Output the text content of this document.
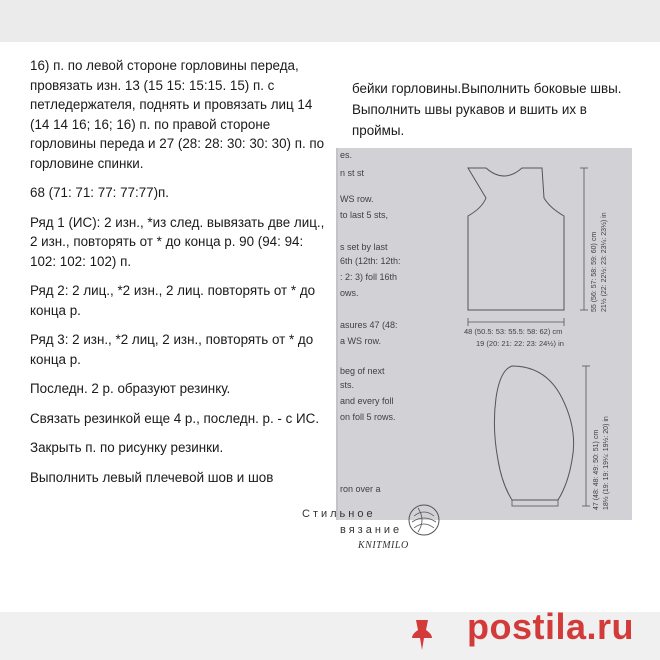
16) п. по левой стороне горловины переда, провязать изн. 13 (15 15: 15:15. 15) п. с петледержателя, поднять и провязать лиц 14 (14 14 16; 16; 16) п. по правой стороне горловины переда и 27 (28: 28: 30: 30: 30) п. по горловине спинки.

68 (71: 71: 77: 77:77)п.

Ряд 1 (ИС): 2 изн., *из след. вывязать две лиц., 2 изн., повторять от * до конца р. 90 (94: 94: 102: 102: 102) п.

Ряд 2: 2 лиц., *2 изн., 2 лиц. повторять от * до конца р.

Ряд 3: 2 изн., *2 лиц, 2 изн., повторять от * до конца р.

Последн. 2 р. образуют резинку.

Связать резинкой еще 4 р., последн. р. - с ИС.

Закрыть п. по рисунку резинки.

Выполнить левый плечевой шов и шов

бейки горловины.Выполнить боковые швы. Выполнить швы рукавов и вшить их в проймы.
es.
n st st
WS row.
to last 5 sts,
s set by last
6th (12th: 12th:
: 2: 3) foll 16th
ows.
asures 47 (48:
a WS row.
beg of next
sts.
and every foll
on foll 5 rows.
ron over a
55 (56: 57: 58: 59: 60) cm 21½ (22: 22½: 23: 23¼: 23½) in
48 (50.5: 53: 55.5: 58: 62) cm
19 (20: 21: 22: 23: 24½) in
47 (48: 48: 49: 50: 51) cm 18½ (19: 19: 19¼: 19½: 20) in
Стильное
вязание
KNITMILO
postila.ru
